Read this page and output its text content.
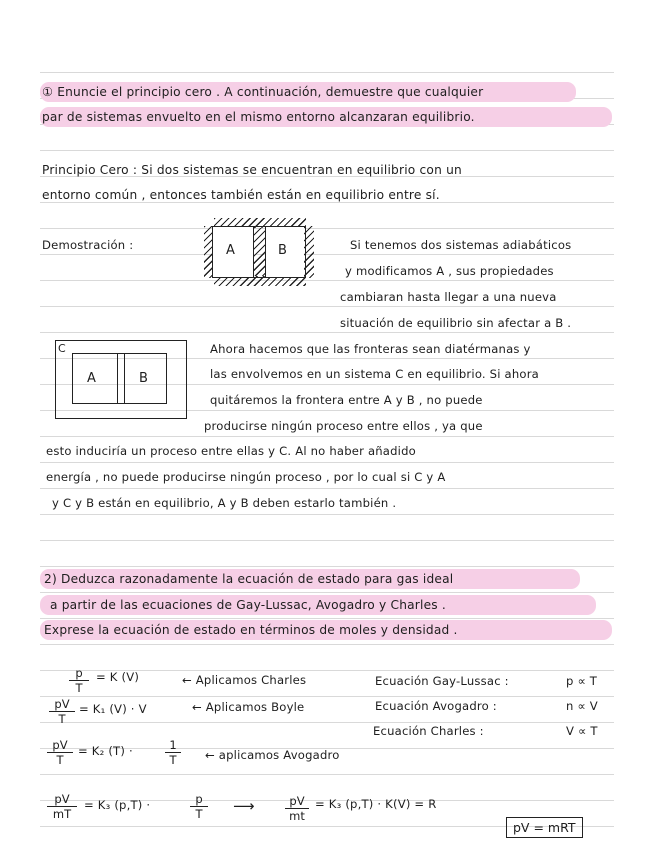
① Enuncie el principio cero . A continuación, demuestre que cualquier
par de sistemas envuelto en el mismo entorno alcanzaran equilibrio.
Principio Cero : Si dos sistemas se encuentran en equilibrio con un
entorno común , entonces también están en equilibrio entre sí.
Demostración :	A	B	Si tenemos dos sistemas adiabáticos
y modificamos A , sus propiedades
cambiaran hasta llegar a una nueva
situación de equilibrio sin afectar a B .
C
A	B
Ahora hacemos que las fronteras sean diatérmanas y
las envolvemos en un sistema C en equilibrio. Si ahora
quitáremos la frontera entre A y B , no puede
producirse ningún proceso entre ellos , ya que
esto induciría un proceso entre ellas y C. Al no haber añadido
energía , no puede producirse ningún proceso , por lo cual si C y A
y C y B están en equilibrio, A y B deben estarlo también .
2) Deduzca razonadamente la ecuación de estado para gas ideal
a partir de las ecuaciones de Gay-Lussac, Avogadro y Charles .
Exprese la ecuación de estado en términos de moles y densidad .
$\frac{p}{T} = K$ (V)	← Aplicamos Charles
$\frac{pV}{T} = K_1$ (V) · V	← Aplicamos Boyle
$\frac{pV}{T} = K_2$ (T) ·	$\frac{1}{T}$ ← aplicamos Avogadro
$\frac{pV}{mT} = K_3$ (p,T) ·	$\frac{p}{T}$ ⟶	$\frac{pV}{mt} = K_3$ (p,T) · K(V) = R
Ecuación Gay-Lussac :	p ∝ T
Ecuación Avogadro :	n ∝ V
Ecuación Charles :	V ∝ T
pV = mRT
